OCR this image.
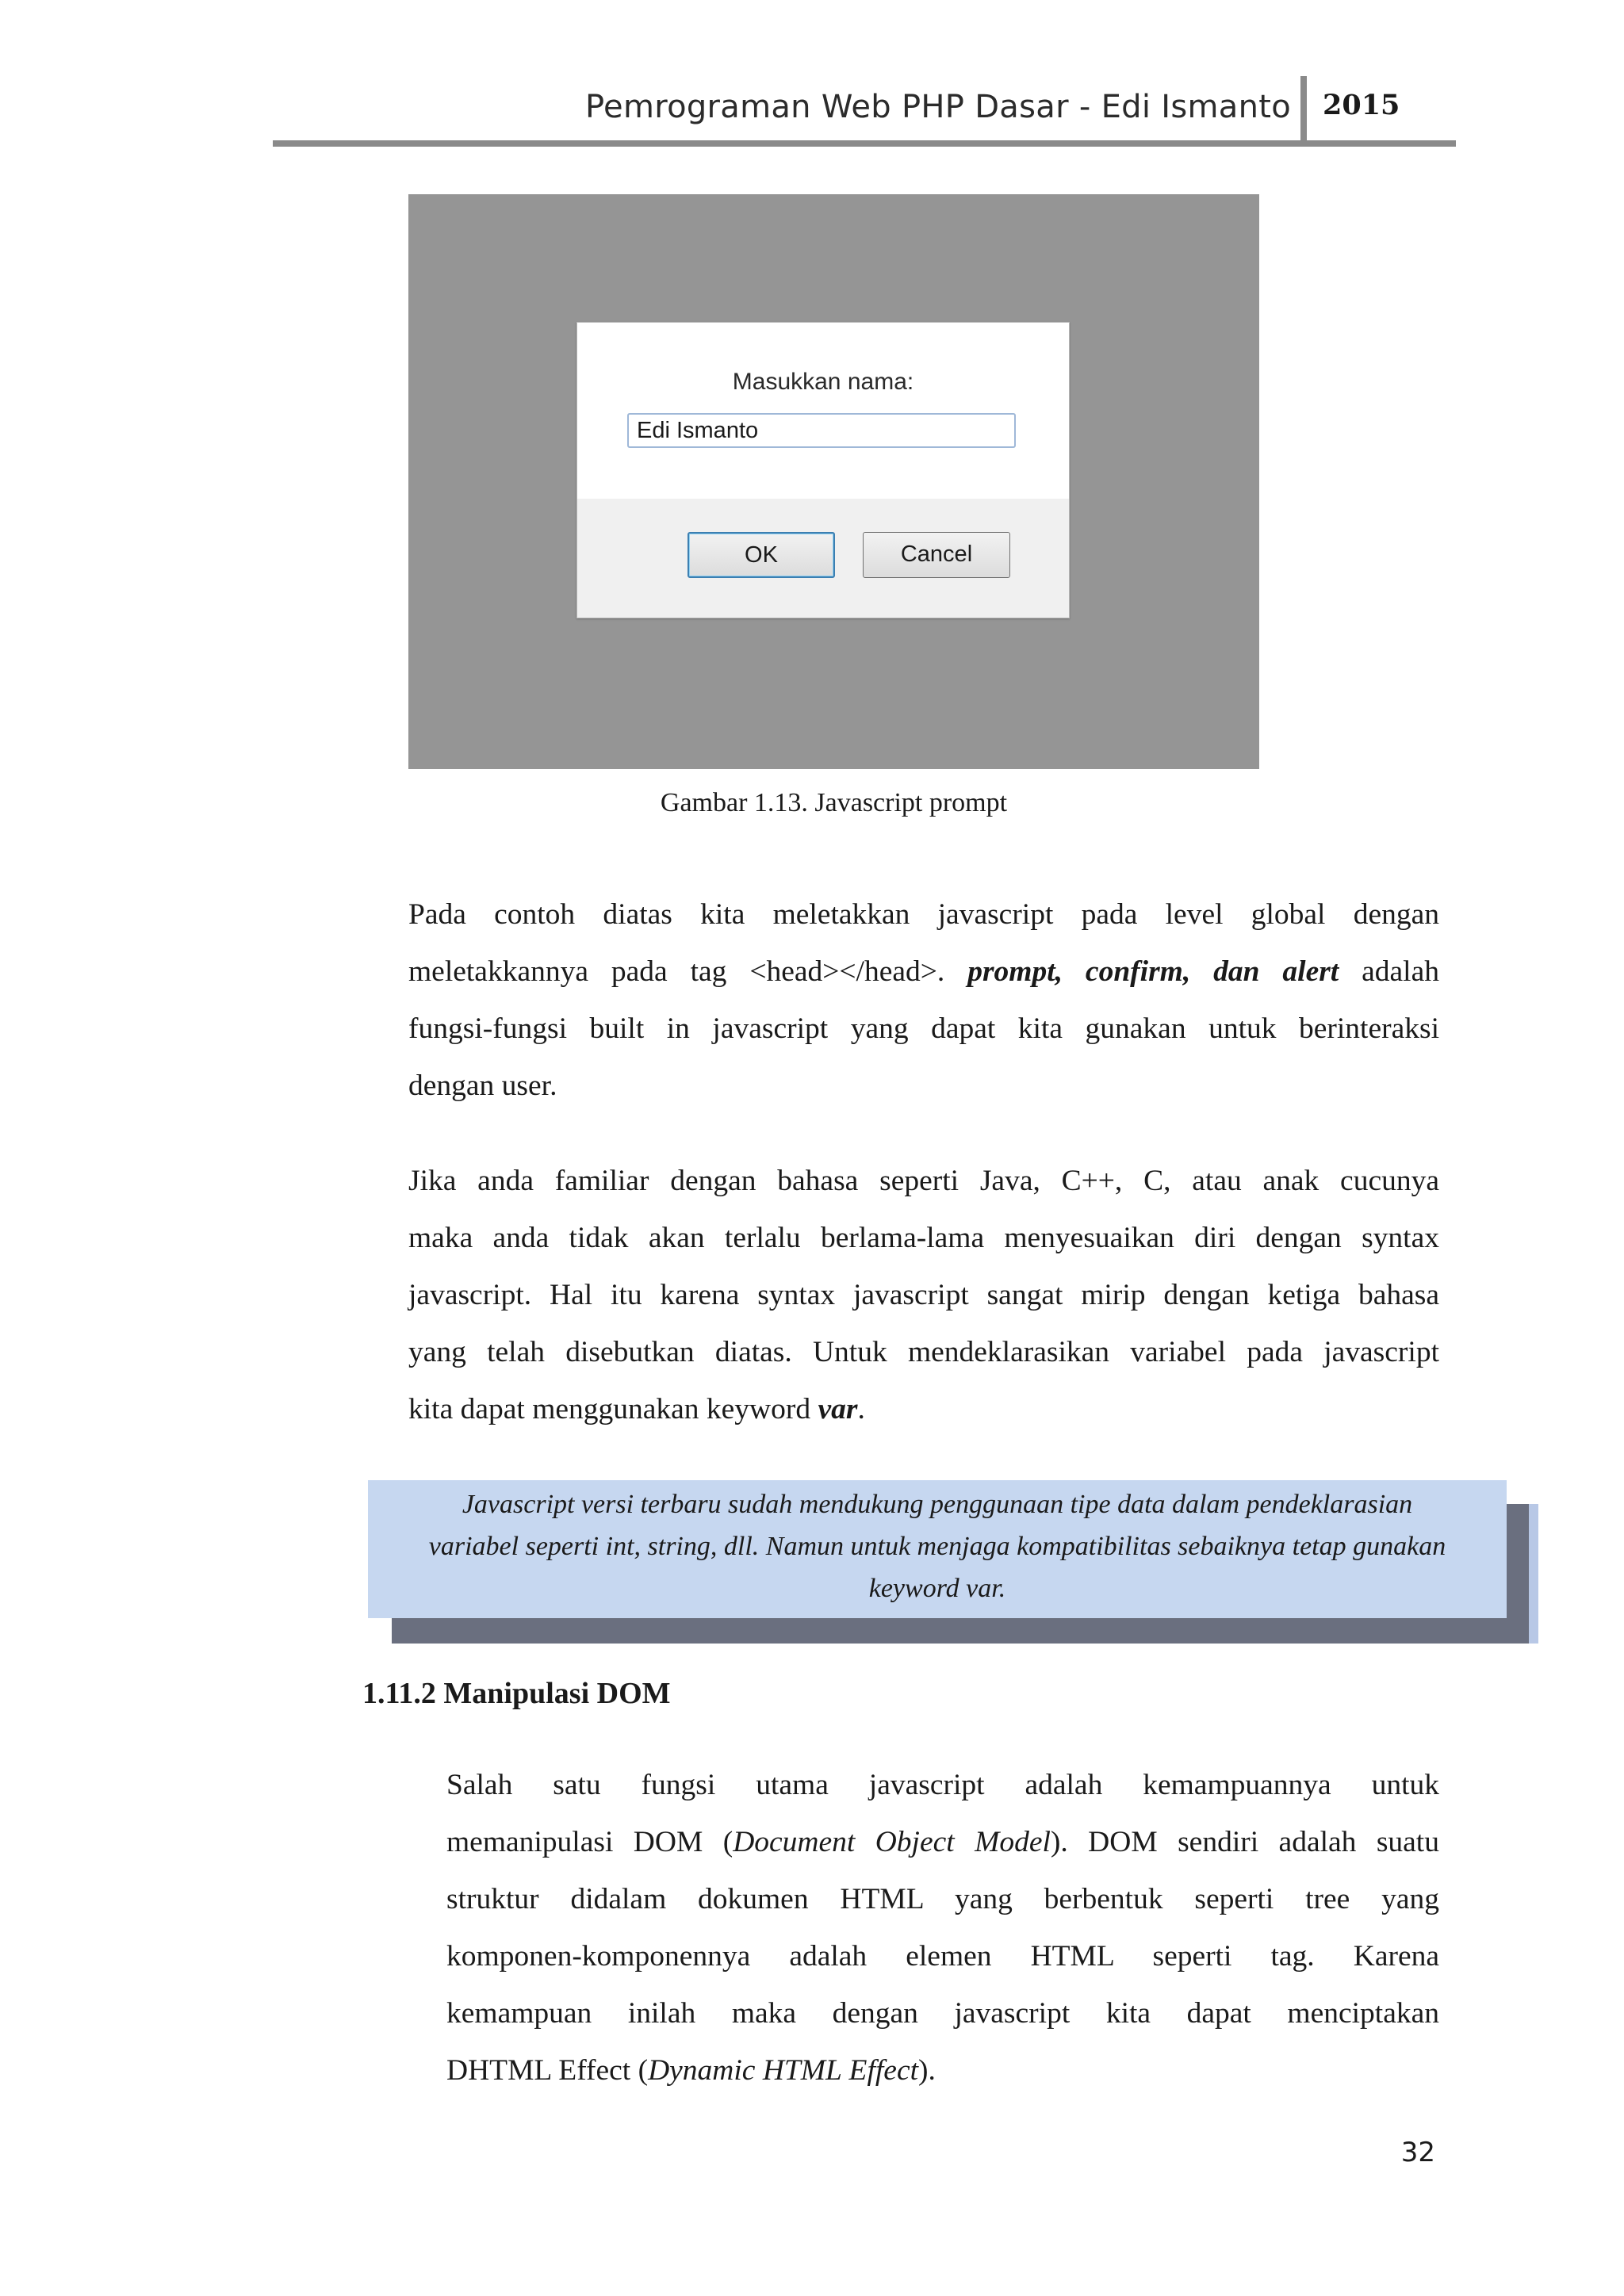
Pemrograman Web PHP Dasar - Edi Ismanto 2015
Masukkan nama:
Edi Ismanto
OK	Cancel
Gambar 1.13. Javascript prompt
Pada contoh diatas kita meletakkan javascript pada level global dengan
meletakkannya pada tag <head></head>. prompt, confirm, dan alert adalah
fungsi-fungsi built in javascript yang dapat kita gunakan untuk berinteraksi
dengan user.
Jika anda familiar dengan bahasa seperti Java, C++, C, atau anak cucunya
maka anda tidak akan terlalu berlama-lama menyesuaikan diri dengan syntax
javascript. Hal itu karena syntax javascript sangat mirip dengan ketiga bahasa
yang telah disebutkan diatas. Untuk mendeklarasikan variabel pada javascript
kita dapat menggunakan keyword var.
Javascript versi terbaru sudah mendukung penggunaan tipe data dalam pendeklarasian
variabel seperti int, string, dll. Namun untuk menjaga kompatibilitas sebaiknya tetap gunakan
keyword var.
1.11.2 Manipulasi DOM
Salah satu fungsi utama javascript adalah kemampuannya untuk
memanipulasi DOM (Document Object Model). DOM sendiri adalah suatu
struktur didalam dokumen HTML yang berbentuk seperti tree yang
komponen-komponennya adalah elemen HTML seperti tag. Karena
kemampuan inilah maka dengan javascript kita dapat menciptakan
DHTML Effect (Dynamic HTML Effect).
32
